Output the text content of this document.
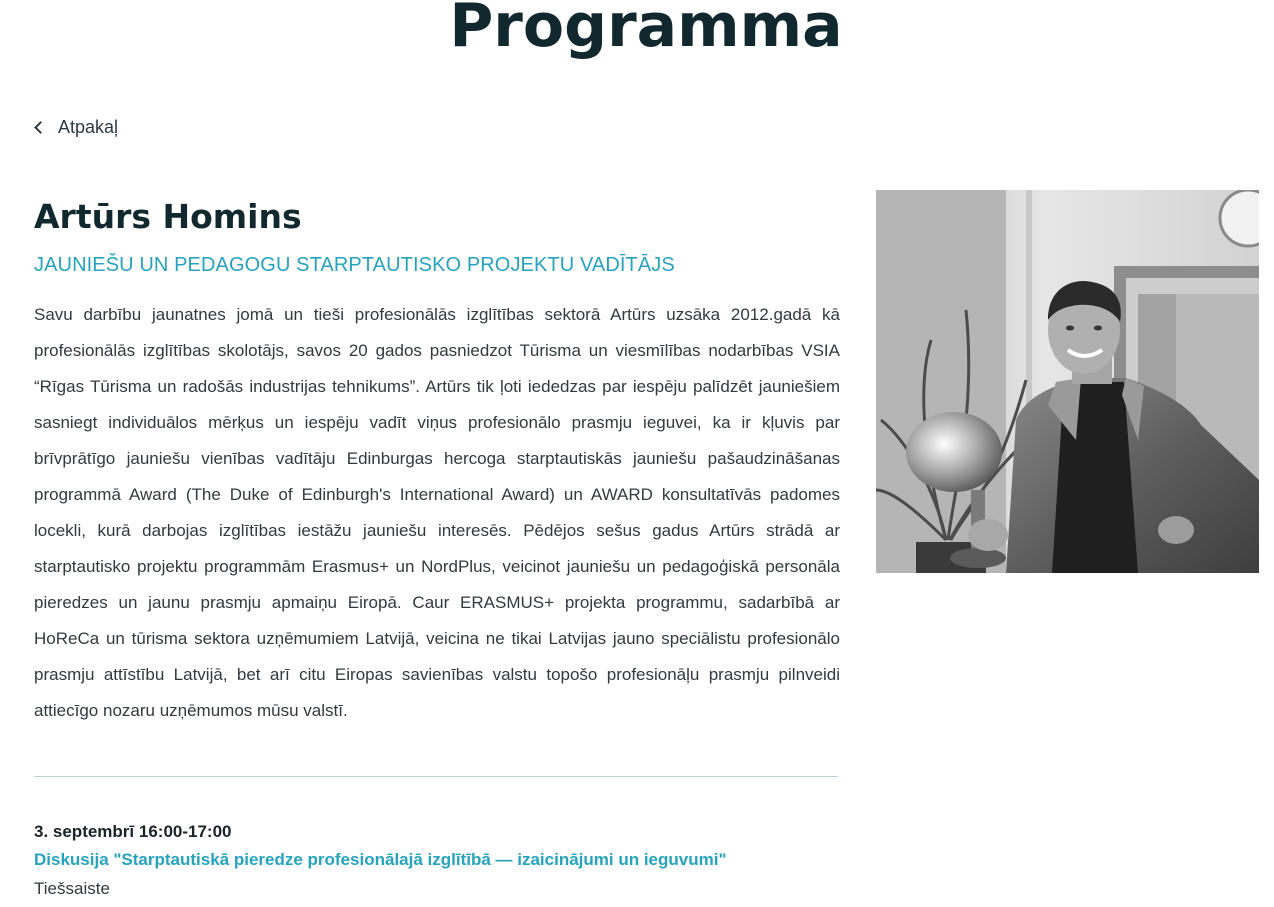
Programma
Atpakaļ
Artūrs Homins
JAUNIEŠU UN PEDAGOGU STARPTAUTISKO PROJEKTU VADĪTĀJS

Savu darbību jaunatnes jomā un tieši profesionālās izglītības sektorā Artūrs uzsāka 2012.gadā kā profesionālās izglītības skolotājs, savos 20 gados pasniedzot Tūrisma un viesmīlības nodarbības VSIA “Rīgas Tūrisma un radošās industrijas tehnikums”. Artūrs tik ļoti iededzas par iespēju palīdzēt jauniešiem sasniegt individuālos mērķus un iespēju vadīt viņus profesionālo prasmju ieguvei, ka ir kļuvis par brīvprātīgo jauniešu vienības vadītāju Edinburgas hercoga starptautiskās jauniešu pašaudzināšanas programmā Award (The Duke of Edinburgh's International Award) un AWARD konsultatīvās padomes locekli, kurā darbojas izglītības iestāžu jauniešu interesēs. Pēdējos sešus gadus Artūrs strādā ar starptautisko projektu programmām Erasmus+ un NordPlus, veicinot jauniešu un pedagoģiskā personāla pieredzes un jaunu prasmju apmaiņu Eiropā. Caur ERASMUS+ projekta programmu, sadarbībā ar HoReCa un tūrisma sektora uzņēmumiem Latvijā, veicina ne tikai Latvijas jauno speciālistu profesionālo prasmju attīstību Latvijā, bet arī citu Eiropas savienības valstu topošo profesionāļu prasmju pilnveidi attiecīgo nozaru uzņēmumos mūsu valstī.

3. septembrī 16:00-17:00
Diskusija "Starptautiskā pieredze profesionālajā izglītībā — izaicinājumi un ieguvumi"
Tiešsaiste
